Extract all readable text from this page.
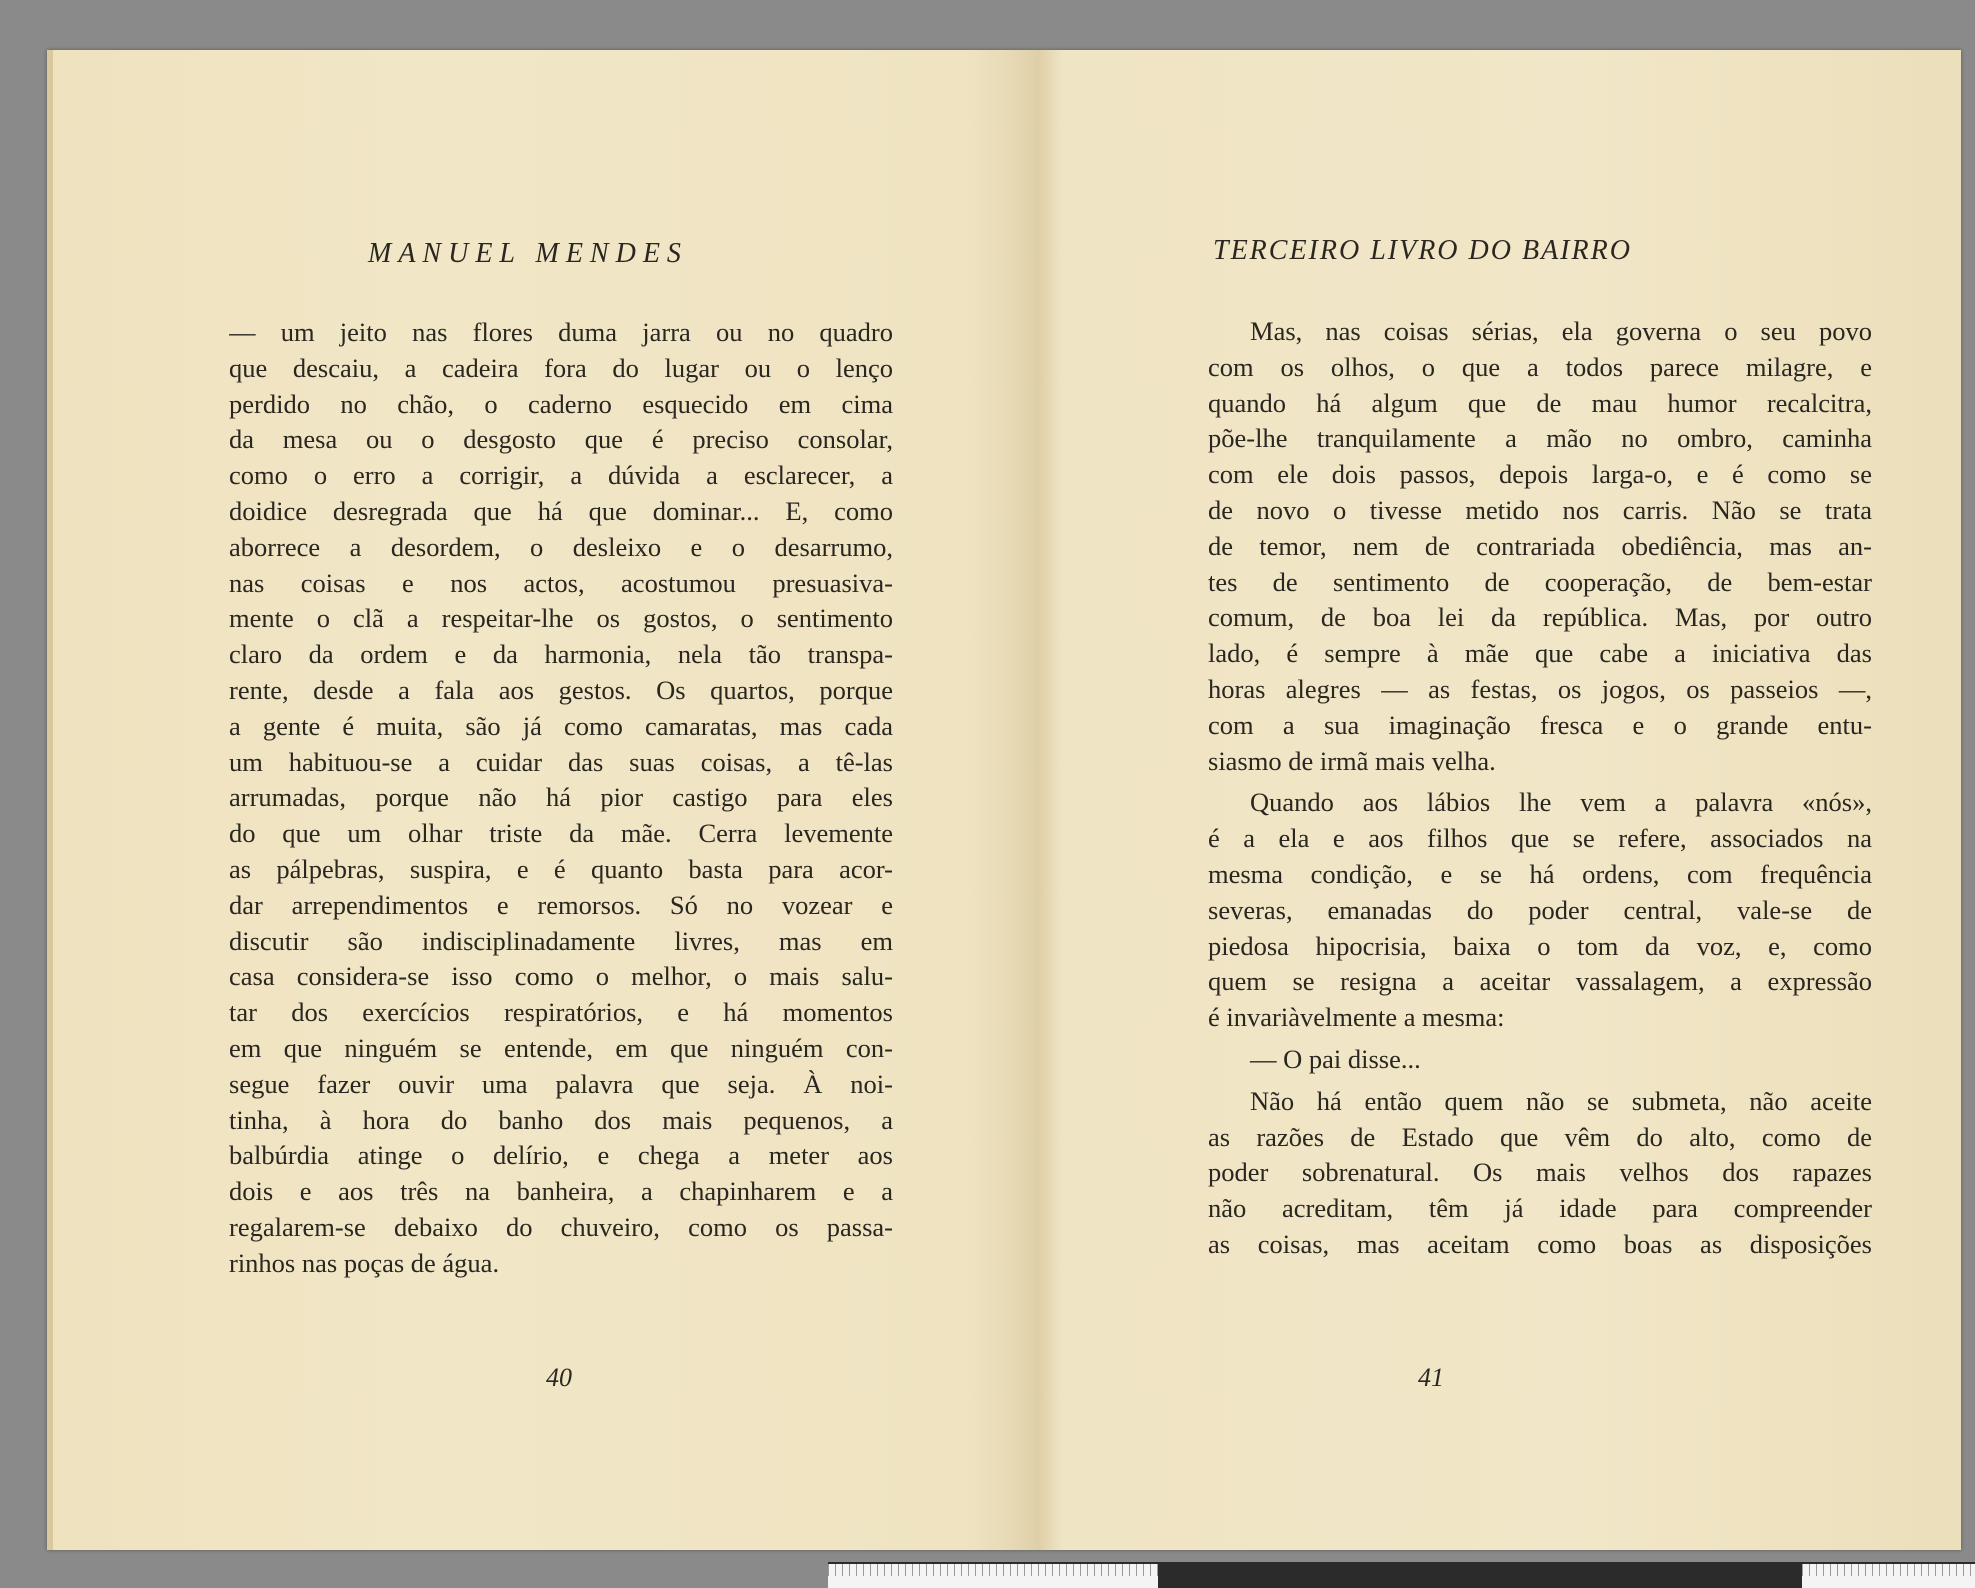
MANUEL MENDES
— um jeito nas flores duma jarra ou no quadro
que descaiu, a cadeira fora do lugar ou o lenço
perdido no chão, o caderno esquecido em cima
da mesa ou o desgosto que é preciso consolar,
como o erro a corrigir, a dúvida a esclarecer, a
doidice desregrada que há que dominar... E, como
aborrece a desordem, o desleixo e o desarrumo,
nas coisas e nos actos, acostumou presuasiva-
mente o clã a respeitar-lhe os gostos, o sentimento
claro da ordem e da harmonia, nela tão transpa-
rente, desde a fala aos gestos. Os quartos, porque
a gente é muita, são já como camaratas, mas cada
um habituou-se a cuidar das suas coisas, a tê-las
arrumadas, porque não há pior castigo para eles
do que um olhar triste da mãe. Cerra levemente
as pálpebras, suspira, e é quanto basta para acor-
dar arrependimentos e remorsos. Só no vozear e
discutir são indisciplinadamente livres, mas em
casa considera-se isso como o melhor, o mais salu-
tar dos exercícios respiratórios, e há momentos
em que ninguém se entende, em que ninguém con-
segue fazer ouvir uma palavra que seja. À noi-
tinha, à hora do banho dos mais pequenos, a
balbúrdia atinge o delírio, e chega a meter aos
dois e aos três na banheira, a chapinharem e a
regalarem-se debaixo do chuveiro, como os passa-
rinhos nas poças de água.
40
TERCEIRO LIVRO DO BAIRRO
Mas, nas coisas sérias, ela governa o seu povo
com os olhos, o que a todos parece milagre, e
quando há algum que de mau humor recalcitra,
põe-lhe tranquilamente a mão no ombro, caminha
com ele dois passos, depois larga-o, e é como se
de novo o tivesse metido nos carris. Não se trata
de temor, nem de contrariada obediência, mas an-
tes de sentimento de cooperação, de bem-estar
comum, de boa lei da república. Mas, por outro
lado, é sempre à mãe que cabe a iniciativa das
horas alegres — as festas, os jogos, os passeios —,
com a sua imaginação fresca e o grande entu-
siasmo de irmã mais velha.
Quando aos lábios lhe vem a palavra «nós»,
é a ela e aos filhos que se refere, associados na
mesma condição, e se há ordens, com frequência
severas, emanadas do poder central, vale-se de
piedosa hipocrisia, baixa o tom da voz, e, como
quem se resigna a aceitar vassalagem, a expressão
é invariàvelmente a mesma:
— O pai disse...
Não há então quem não se submeta, não aceite
as razões de Estado que vêm do alto, como de
poder sobrenatural. Os mais velhos dos rapazes
não acreditam, têm já idade para compreender
as coisas, mas aceitam como boas as disposições
41
